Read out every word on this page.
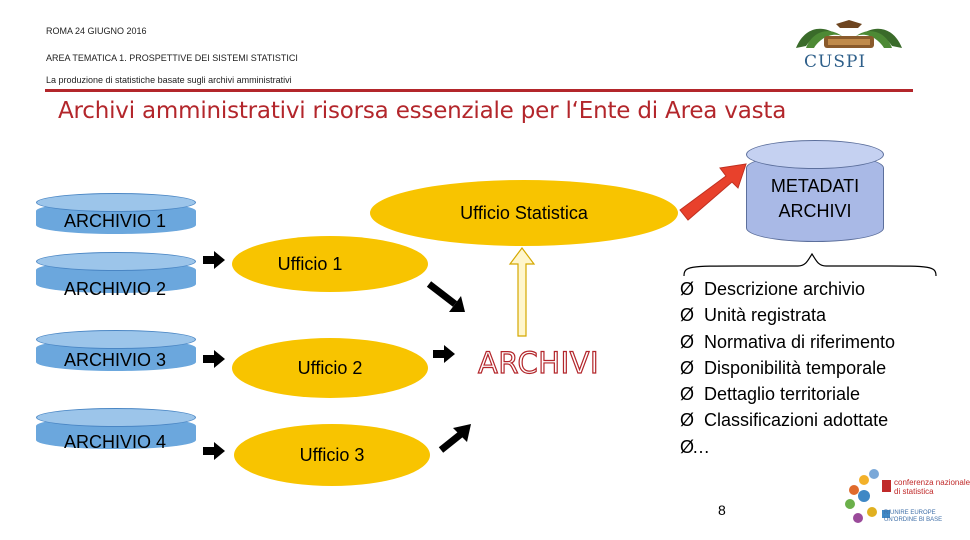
ROMA 24 GIUGNO 2016
AREA TEMATICA 1. PROSPETTIVE DEI SISTEMI STATISTICI
La produzione di statistiche basate sugli archivi amministrativi
CUSPI
Archivi amministrativi risorsa essenziale per l‘Ente di Area vasta
ARCHIVIO 1
ARCHIVIO 2
ARCHIVIO 3
ARCHIVIO 4
Ufficio Statistica
Ufficio 1
Ufficio 2
Ufficio 3
ARCHIVI
METADATI
ARCHIVI
Ø Descrizione archivio
Ø Unità registrata
Ø Normativa di riferimento
Ø Disponibilità temporale
Ø Dettaglio territoriale
Ø Classificazioni adottate
Ø…
8
conferenza nazionale
di statistica
RIUNIRE EUROPE
UN'ORDINE BI BASE
